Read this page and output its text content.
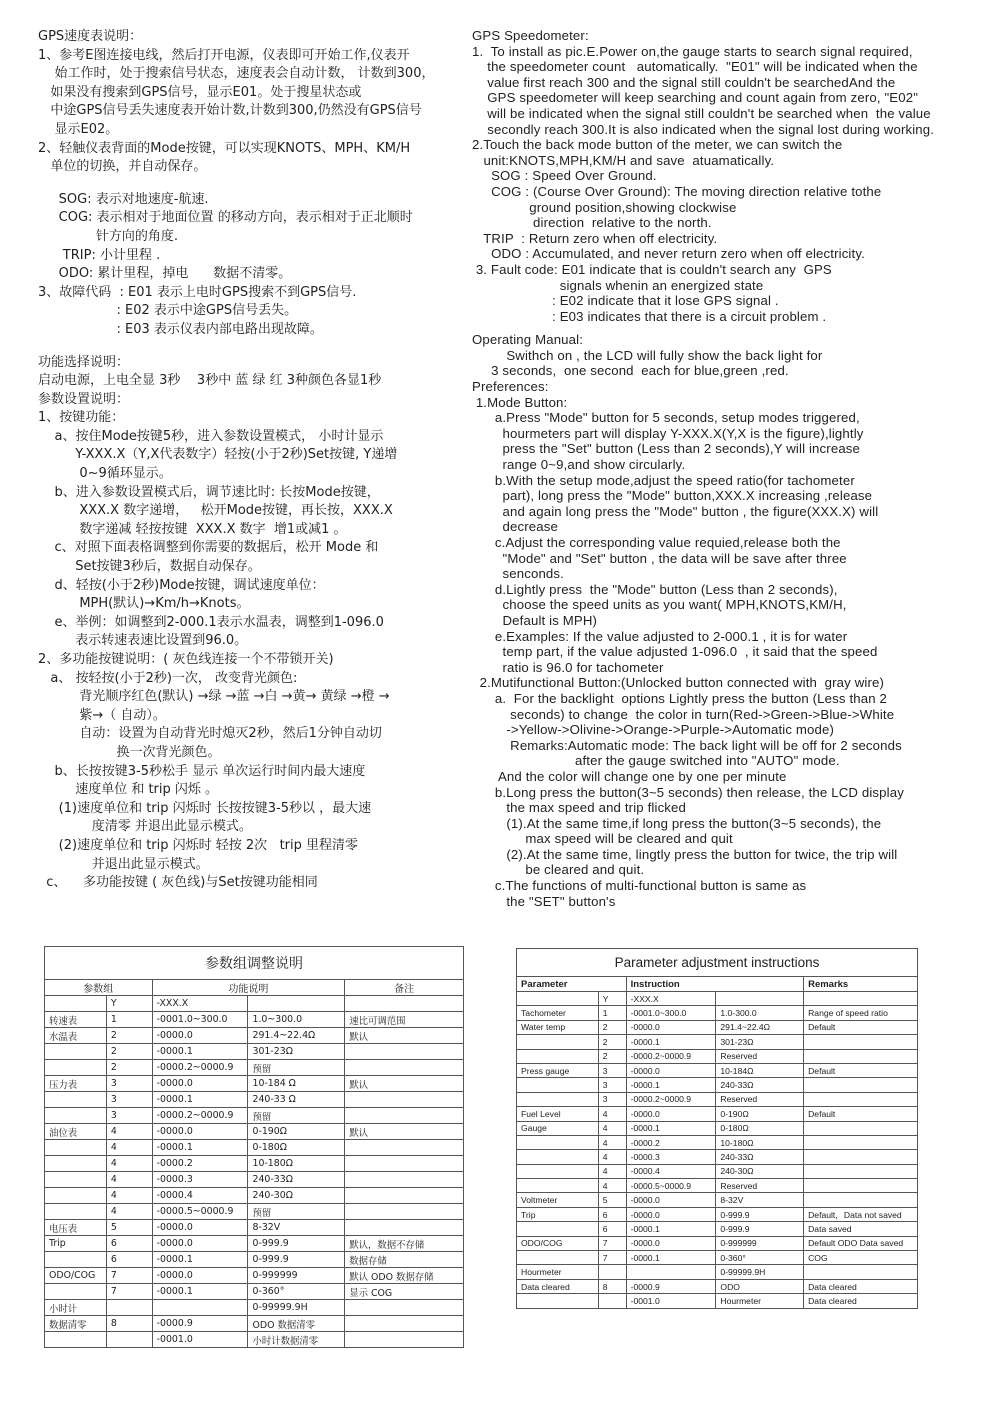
GPS速度表说明：
1、参考E图连接电线，然后打开电源，仪表即可开始工作,仪表开
始工作时，处于搜索信号状态，速度表会自动计数， 计数到300，
如果没有搜索到GPS信号，显示E01。处于搜星状态或
中途GPS信号丢失速度表开始计数,计数到300,仍然没有GPS信号
显示E02。
2、轻触仪表背面的Mode按键，可以实现KNOTS、MPH、KM/H
单位的切换，并自动保存。
SOG: 表示对地速度-航速.
COG: 表示相对于地面位置 的移动方向，表示相对于正北顺时
针方向的角度.
TRIP: 小计里程 .
ODO: 累计里程，掉电      数据不清零。
3、故障代码  : E01 表示上电时GPS搜索不到GPS信号.
: E02 表示中途GPS信号丢失。
: E03 表示仪表内部电路出现故障。
功能选择说明：
启动电源，上电全显 3秒    3秒中 蓝 绿 红 3种颜色各显1秒
参数设置说明：
1、按键功能：
a、按住Mode按键5秒，进入参数设置模式， 小时计显示
Y-XXX.X（Y,X代表数字）轻按(小于2秒)Set按键, Y递增
0~9循环显示。
b、进入参数设置模式后，调节速比时: 长按Mode按键，
XXX.X 数字递增，   松开Mode按键，再长按，XXX.X
数字递减 轻按按键  XXX.X 数字  增1或减1 。
c、对照下面表格调整到你需要的数据后，松开 Mode 和
Set按键3秒后，数据自动保存。
d、轻按(小于2秒)Mode按键，调试速度单位：
MPH(默认)→Km/h→Knots。
e、举例：如调整到2-000.1表示水温表，调整到1-096.0
表示转速表速比设置到96.0。
2、多功能按键说明：( 灰色线连接一个不带锁开关)
a、 按轻按(小于2秒)一次， 改变背光颜色:
背光顺序红色(默认) →绿 →蓝 →白 →黄→ 黄绿 →橙 →
紫→（ 自动）。
自动：设置为自动背光时熄灭2秒，然后1分钟自动切
换一次背光颜色。
b、长按按键3-5秒松手 显示 单次运行时间内最大速度
速度单位 和 trip 闪烁 。
(1)速度单位和 trip 闪烁时 长按按键3-5秒以 ，最大速
度清零 并退出此显示模式。
(2)速度单位和 trip 闪烁时 轻按 2次   trip 里程清零
并退出此显示模式。
c、    多功能按键 ( 灰色线)与Set按键功能相同
GPS Speedometer:
1.  To install as pic.E.Power on,the gauge starts to search signal required,
the speedometer count   automatically.  "E01" will be indicated when the
value first reach 300 and the signal still couldn't be searchedAnd the
GPS speedometer will keep searching and count again from zero, "E02"
will be indicated when the signal still couldn't be searched when  the value
secondly reach 300.It is also indicated when the signal lost during working.
2.Touch the back mode button of the meter, we can switch the
unit:KNOTS,MPH,KM/H and save  atuamatically.
SOG : Speed Over Ground.
COG : (Course Over Ground): The moving direction relative tothe
ground position,showing clockwise
direction  relative to the north.
TRIP  : Return zero when off electricity.
ODO : Accumulated, and never return zero when off electricity.
3. Fault code: E01 indicate that is couldn't search any  GPS
signals whenin an energized state
: E02 indicate that it lose GPS signal .
: E03 indicates that there is a circuit problem .
Operating Manual:
Swithch on , the LCD will fully show the back light for
3 seconds,  one second  each for blue,green ,red.
Preferences:
1.Mode Button:
a.Press "Mode" button for 5 seconds, setup modes triggered,
hourmeters part will display Y-XXX.X(Y,X is the figure),lightly
press the "Set" button (Less than 2 seconds),Y will increase
range 0~9,and show circularly.
b.With the setup mode,adjust the speed ratio(for tachometer
part), long press the "Mode" button,XXX.X increasing ,release
and again long press the "Mode" button , the figure(XXX.X) will
decrease
c.Adjust the corresponding value requied,release both the
"Mode" and "Set" button , the data will be save after three
senconds.
d.Lightly press  the "Mode" button (Less than 2 seconds),
choose the speed units as you want( MPH,KNOTS,KM/H,
Default is MPH)
e.Examples: If the value adjusted to 2-000.1 , it is for water
temp part, if the value adjusted 1-096.0  , it said that the speed
ratio is 96.0 for tachometer
2.Mutifunctional Button:(Unlocked button connected with  gray wire)
a.  For the backlight  options Lightly press the button (Less than 2
seconds) to change  the color in turn(Red->Green->Blue->White
->Yellow->Olivine->Orange->Purple->Automatic mode)
Remarks:Automatic mode: The back light will be off for 2 seconds
after the gauge switched into "AUTO" mode.
And the color will change one by one per minute
b.Long press the button(3~5 seconds) then release, the LCD display
the max speed and trip flicked
(1).At the same time,if long press the button(3~5 seconds), the
max speed will be cleared and quit
(2).At the same time, lingtly press the button for twice, the trip will
be cleared and quit.
c.The functions of multi-functional button is same as
the "SET" button's
参数组调整说明				
参数组		功能说明		备注
	Y	-XXX.X		
转速表	1	-0001.0~300.0	1.0~300.0	速比可调范围
水温表	2	-0000.0	291.4~22.4Ω	默认
	2	-0000.1	301-23Ω	
	2	-0000.2~0000.9	预留	
压力表	3	-0000.0	10-184 Ω	默认
	3	-0000.1	240-33 Ω	
	3	-0000.2~0000.9	预留	
油位表	4	-0000.0	0-190Ω	默认
	4	-0000.1	0-180Ω	
	4	-0000.2	10-180Ω	
	4	-0000.3	240-33Ω	
	4	-0000.4	240-30Ω	
	4	-0000.5~0000.9	预留	
电压表	5	-0000.0	8-32V	
Trip	6	-0000.0	0-999.9	默认，数据不存储
	6	-0000.1	0-999.9	数据存储
ODO/COG	7	-0000.0	0-999999	默认 ODO 数据存储
	7	-0000.1	0-360°	显示 COG
小时计			0-99999.9H	
数据清零	8	-0000.9	ODO 数据清零	
		-0001.0	小时计数据清零	
Parameter adjustment instructions				
Parameter		Instruction		Remarks
	Y	-XXX.X		
Tachometer	1	-0001.0~300.0	1.0-300.0	Range of speed ratio
Water temp	2	-0000.0	291.4~22.4Ω	Default
	2	-0000.1	301-23Ω	
	2	-0000.2~0000.9	Reserved	
Press gauge	3	-0000.0	10-184Ω	Default
	3	-0000.1	240-33Ω	
	3	-0000.2~0000.9	Reserved	
Fuel Level	4	-0000.0	0-190Ω	Default
Gauge	4	-0000.1	0-180Ω	
	4	-0000.2	10-180Ω	
	4	-0000.3	240-33Ω	
	4	-0000.4	240-30Ω	
	4	-0000.5~0000.9	Reserved	
Voltmeter	5	-0000.0	8-32V	
Trip	6	-0000.0	0-999.9	Default，Data not saved
	6	-0000.1	0-999.9	Data saved
ODO/COG	7	-0000.0	0-999999	Default ODO Data saved
	7	-0000.1	0-360°	COG
Hourmeter			0-99999.9H	
Data cleared	8	-0000.9	ODO	Data cleared
		-0001.0	Hourmeter	Data cleared
